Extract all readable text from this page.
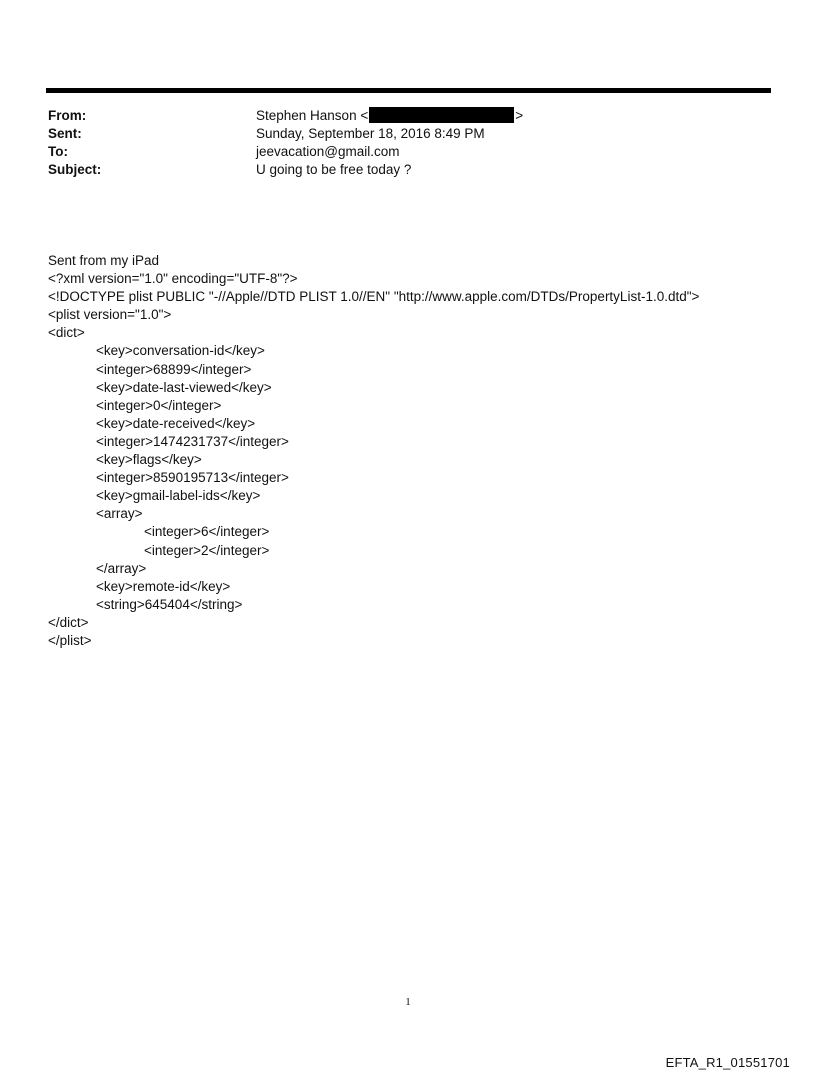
From:	Stephen Hanson <	>
Sent:	Sunday, September 18, 2016 8:49 PM
To:	jeevacation@gmail.com
Subject:	U going to be free today ?
Sent from my iPad
<?xml version="1.0" encoding="UTF-8"?>
<!DOCTYPE plist PUBLIC "-//Apple//DTD PLIST 1.0//EN" "http://www.apple.com/DTDs/PropertyList-1.0.dtd">
<plist version="1.0">
<dict>
<key>conversation-id</key>
<integer>68899</integer>
<key>date-last-viewed</key>
<integer>0</integer>
<key>date-received</key>
<integer>1474231737</integer>
<key>flags</key>
<integer>8590195713</integer>
<key>gmail-label-ids</key>
<array>
<integer>6</integer>
<integer>2</integer>
</array>
<key>remote-id</key>
<string>645404</string>
</dict>
</plist>
1
EFTA_R1_01551701
